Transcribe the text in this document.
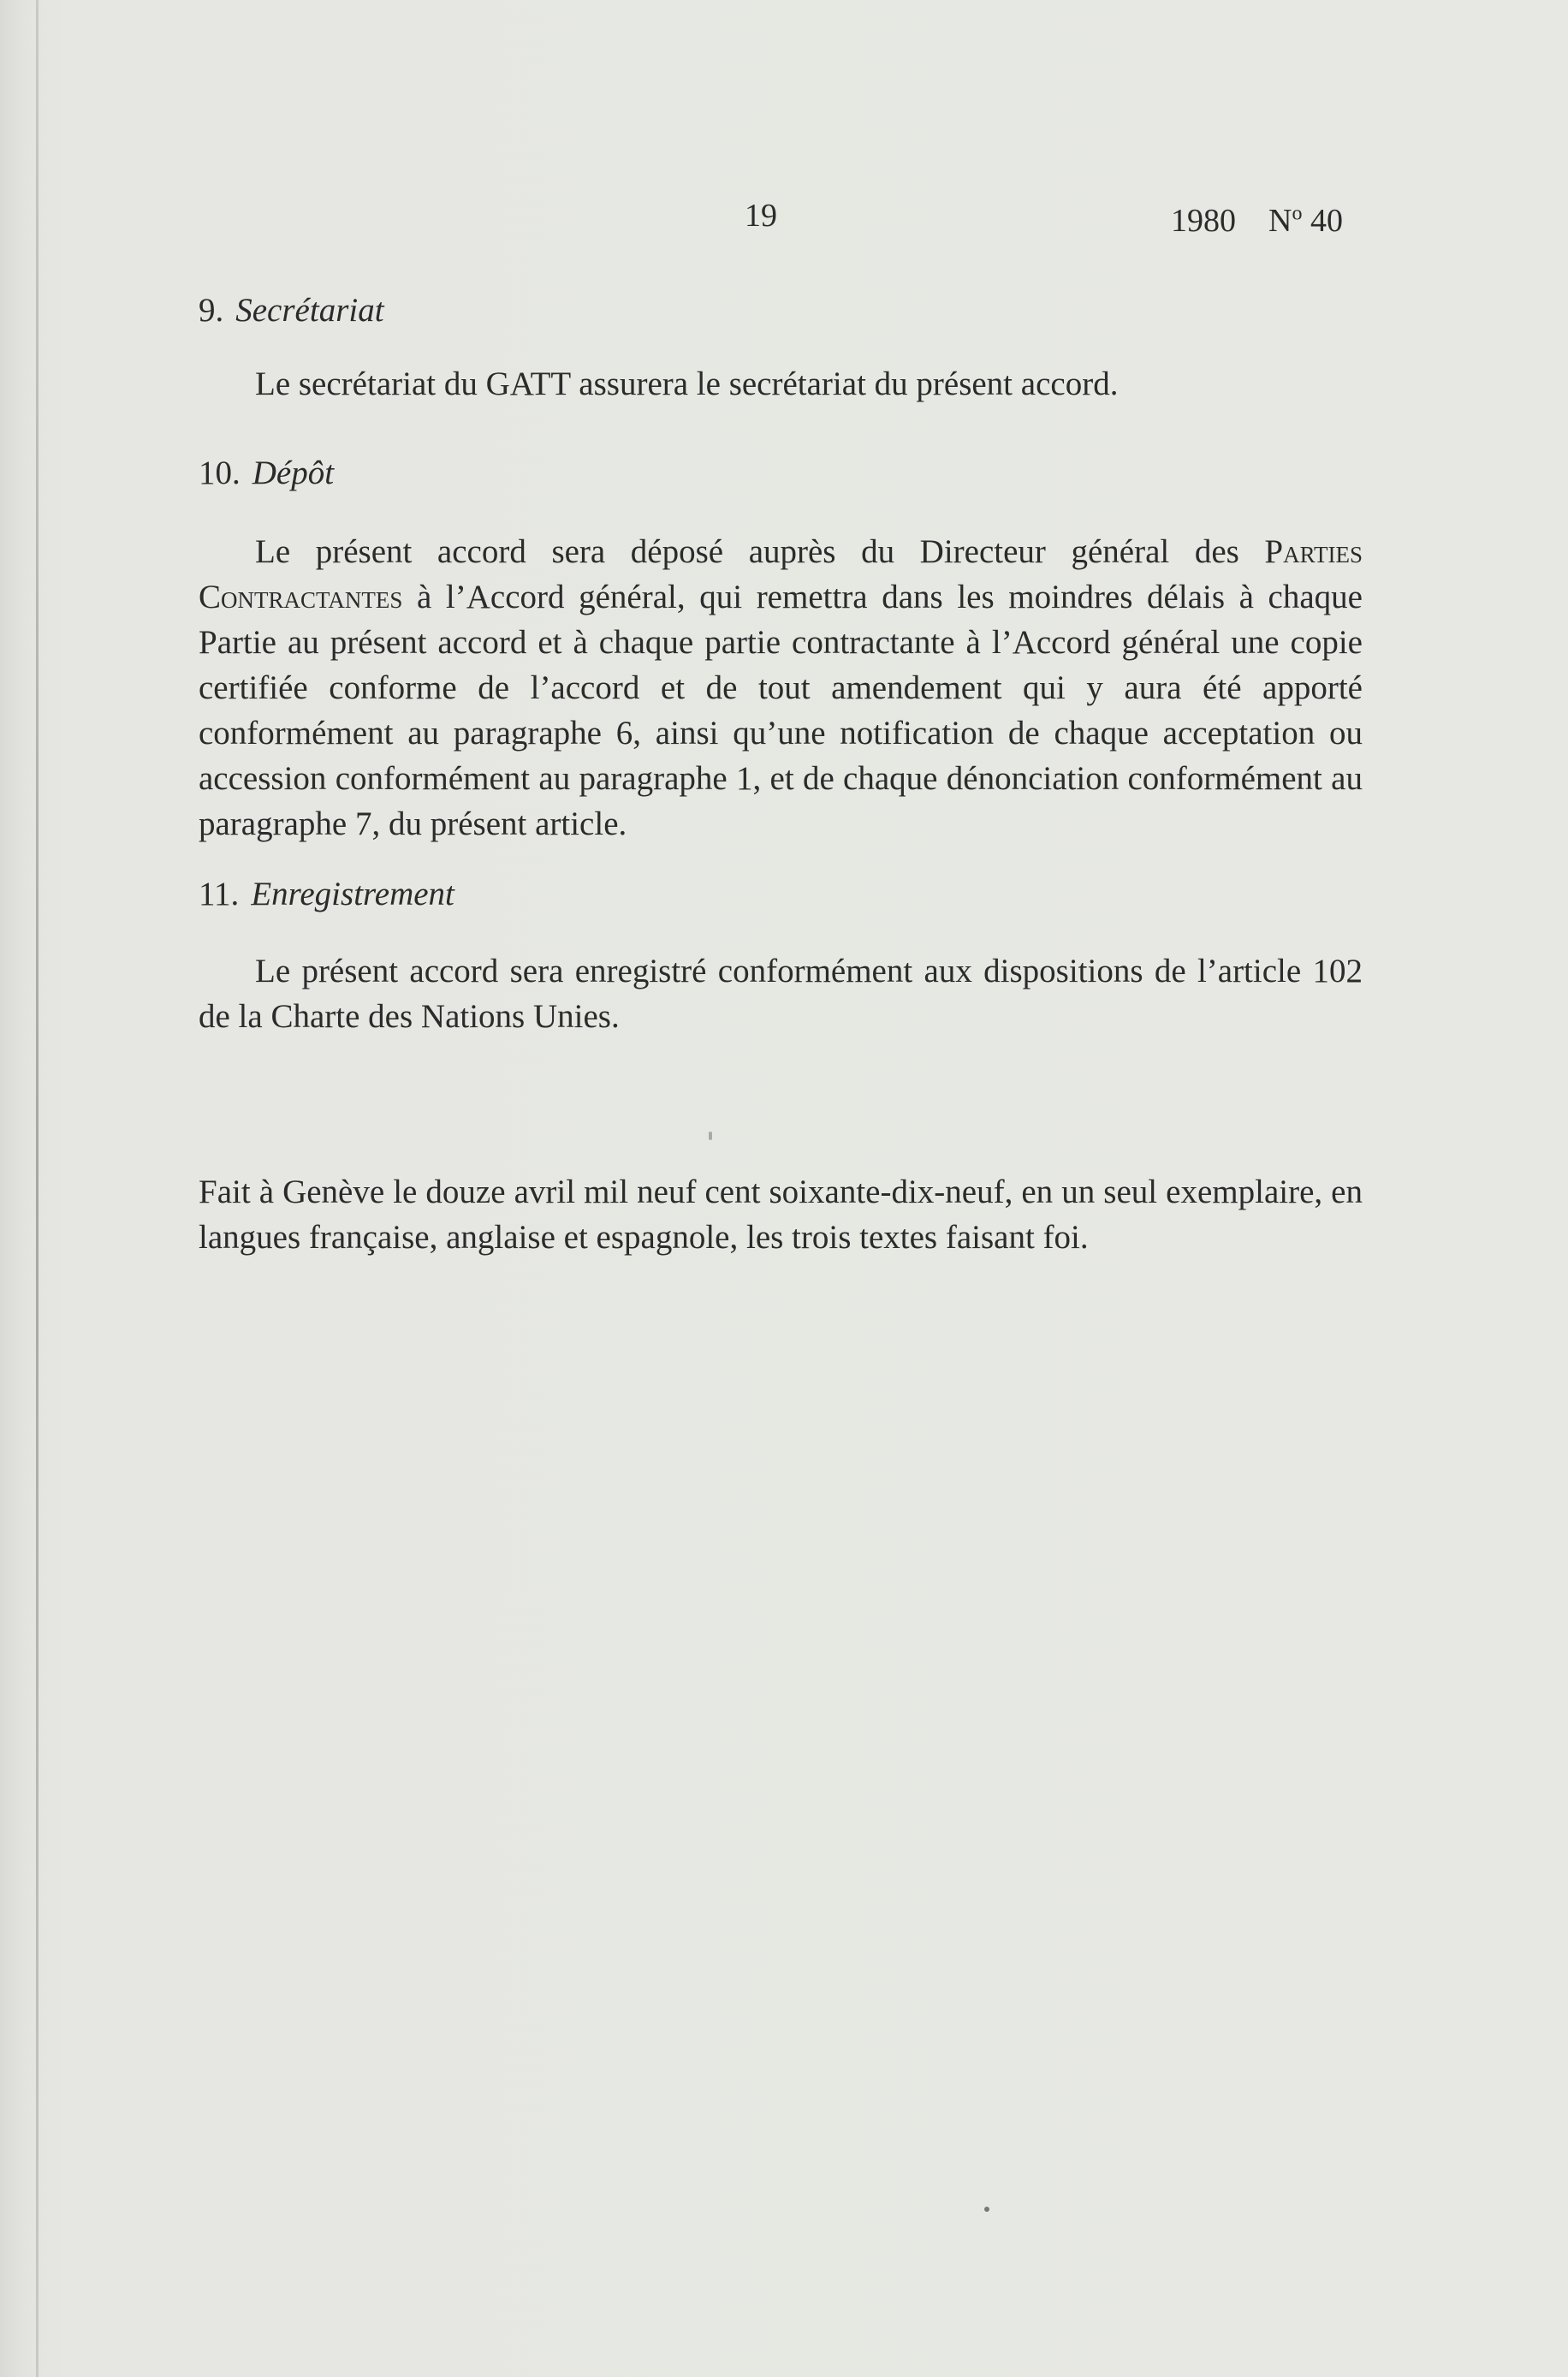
19	1980 $N^o$ 40
9. Secrétariat

Le secrétariat du GATT assurera le secrétariat du présent accord.

10. Dépôt

Le présent accord sera déposé auprès du Directeur général des Parties Contractantes à l’Accord général, qui remettra dans les moindres délais à chaque Partie au présent accord et à chaque partie contractante à l’Accord général une copie certifiée conforme de l’accord et de tout amendement qui y aura été apporté conformément au paragraphe 6, ainsi qu’une notification de chaque acceptation ou accession conformément au paragraphe 1, et de chaque dénonciation conformément au paragraphe 7, du présent article.

11. Enregistrement

Le présent accord sera enregistré conformément aux dispositions de l’article 102 de la Charte des Nations Unies.

Fait à Genève le douze avril mil neuf cent soixante-dix-neuf, en un seul exemplaire, en langues française, anglaise et espagnole, les trois textes faisant foi.
